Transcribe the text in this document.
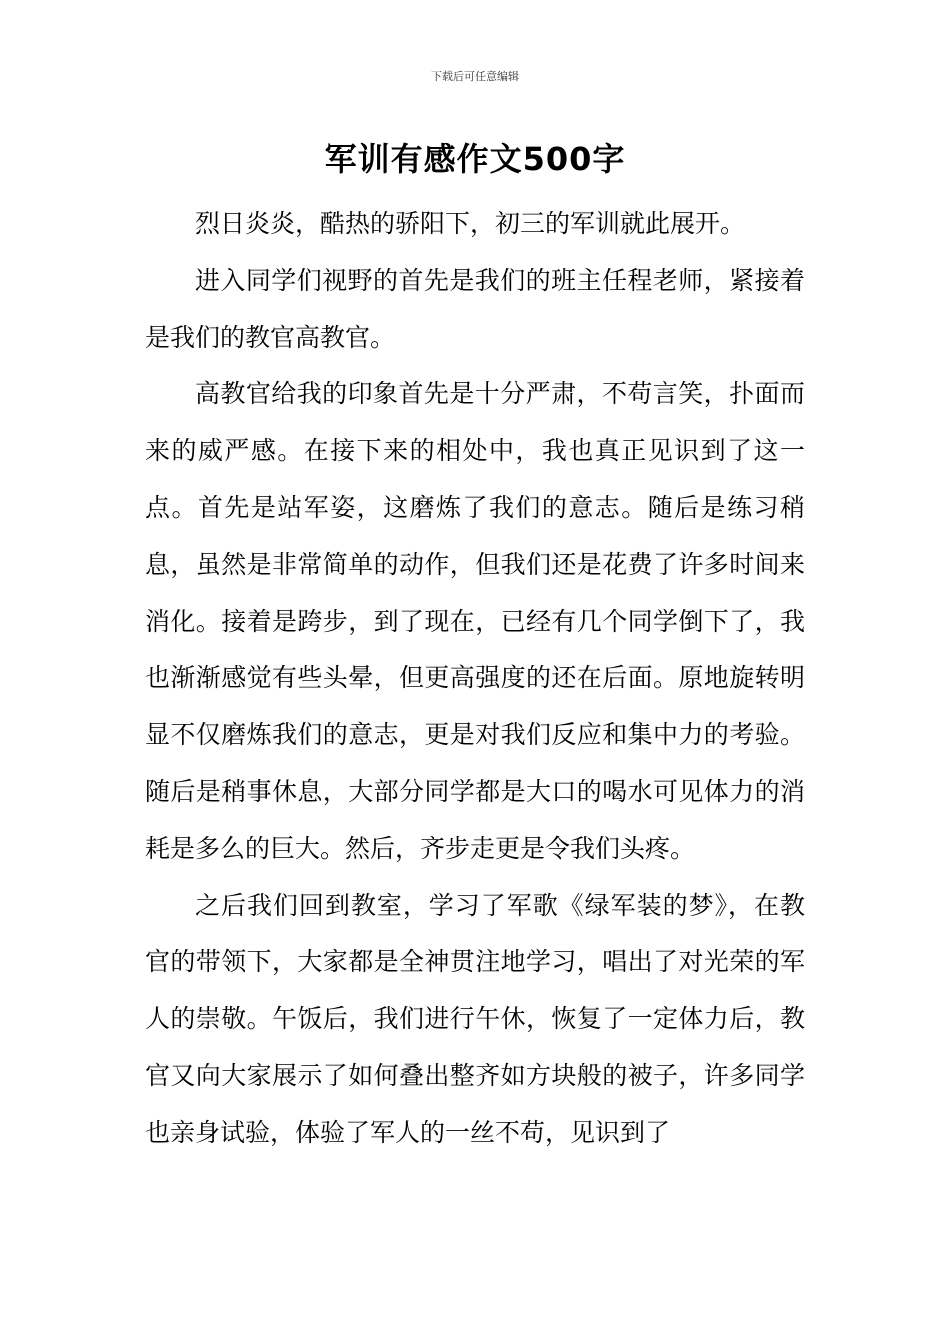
下载后可任意编辑
军训有感作文500字

烈日炎炎，酷热的骄阳下，初三的军训就此展开。

进入同学们视野的首先是我们的班主任程老师，紧接着是我们的教官高教官。

高教官给我的印象首先是十分严肃，不苟言笑，扑面而来的威严感。在接下来的相处中，我也真正见识到了这一点。首先是站军姿，这磨炼了我们的意志。随后是练习稍息，虽然是非常简单的动作，但我们还是花费了许多时间来消化。接着是跨步，到了现在，已经有几个同学倒下了，我也渐渐感觉有些头晕，但更高强度的还在后面。原地旋转明显不仅磨炼我们的意志，更是对我们反应和集中力的考验。随后是稍事休息，大部分同学都是大口的喝水可见体力的消耗是多么的巨大。然后，齐步走更是令我们头疼。

之后我们回到教室，学习了军歌《绿军装的梦》，在教官的带领下，大家都是全神贯注地学习，唱出了对光荣的军人的崇敬。午饭后，我们进行午休，恢复了一定体力后，教官又向大家展示了如何叠出整齐如方块般的被子，许多同学也亲身试验，体验了军人的一丝不苟，见识到了
